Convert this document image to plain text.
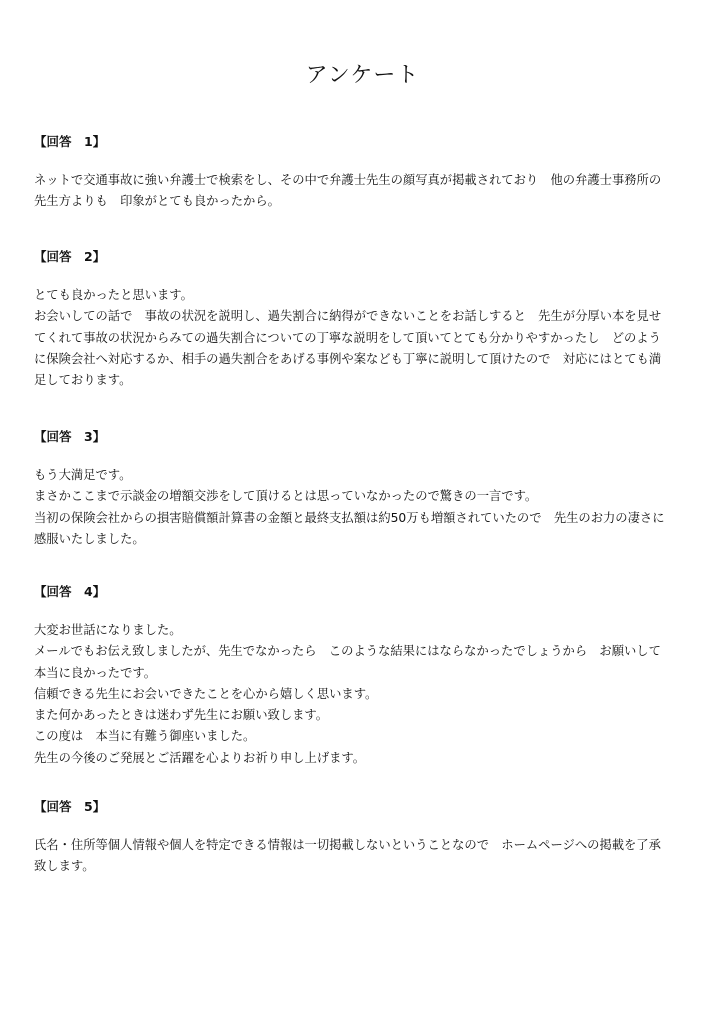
アンケート

【回答　1】

ネットで交通事故に強い弁護士で検索をし、その中で弁護士先生の顔写真が掲載されており　他の弁護士事務所の

先生方よりも　印象がとても良かったから。

【回答　2】

とても良かったと思います。

お会いしての話で　事故の状況を説明し、過失割合に納得ができないことをお話しすると　先生が分厚い本を見せ

てくれて事故の状況からみての過失割合についての丁寧な説明をして頂いてとても分かりやすかったし　どのよう

に保険会社へ対応するか、相手の過失割合をあげる事例や案なども丁寧に説明して頂けたので　対応にはとても満

足しております。

【回答　3】

もう大満足です。

まさかここまで示談金の増額交渉をして頂けるとは思っていなかったので驚きの一言です。

当初の保険会社からの損害賠償額計算書の金額と最終支払額は約50万も増額されていたので　先生のお力の凄さに

感服いたしました。

【回答　4】

大変お世話になりました。

メールでもお伝え致しましたが、先生でなかったら　このような結果にはならなかったでしょうから　お願いして

本当に良かったです。

信頼できる先生にお会いできたことを心から嬉しく思います。

また何かあったときは迷わず先生にお願い致します。

この度は　本当に有難う御座いました。

先生の今後のご発展とご活躍を心よりお祈り申し上げます。

【回答　5】

氏名・住所等個人情報や個人を特定できる情報は一切掲載しないということなので　ホームページへの掲載を了承

致します。
